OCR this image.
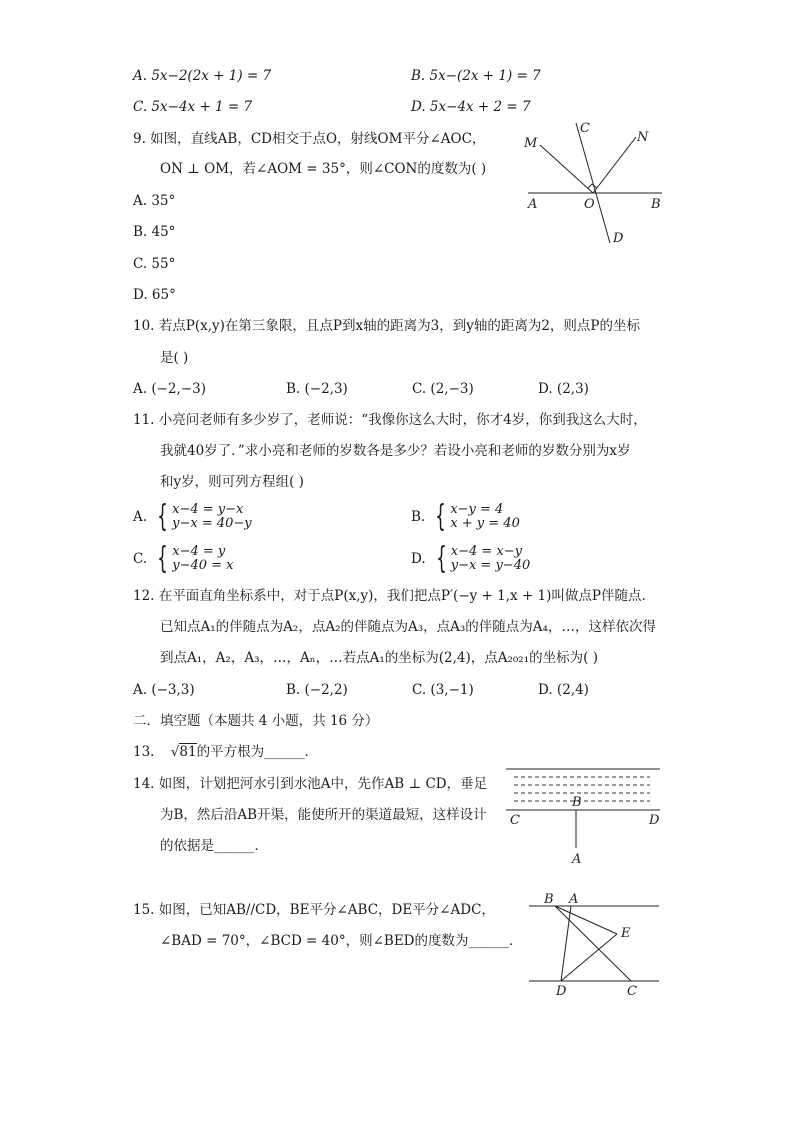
A. 5x−2(2x + 1) = 7	B. 5x−(2x + 1) = 7
C. 5x−4x + 1 = 7	D. 5x−4x + 2 = 7
9. 如图，直线AB，CD相交于点O，射线OM平分∠AOC，
ON ⊥ OM，若∠AOM = 35°，则∠CON的度数为( )
A. 35°
B. 45°
C. 55°
D. 65°
M
C
N
A	O	B
D
10. 若点P(x,y)在第三象限，且点P到x轴的距离为3，到y轴的距离为2，则点P的坐标
是( )
A. (−2,−3)	B. (−2,3)	C. (2,−3)	D. (2,3)
11. 小亮问老师有多少岁了，老师说：“我像你这么大时，你才4岁，你到我这么大时，
我就40岁了．”求小亮和老师的岁数各是多少？若设小亮和老师的岁数分别为x岁
和y岁，则可列方程组( )
A. { x−4 = y−x
y−x = 40−y	B. { x−y = 4
x + y = 40
C. { x−4 = y
y−40 = x	D. { x−4 = x−y
y−x = y−40
12. 在平面直角坐标系中，对于点P(x,y)，我们把点P′(−y + 1,x + 1)叫做点P伴随点.
已知点A₁的伴随点为A₂，点A₂的伴随点为A₃，点A₃的伴随点为A₄，…，这样依次得
到点A₁，A₂，A₃，…，Aₙ，…若点A₁的坐标为(2,4)，点A₂₀₂₁的坐标为( )
A. (−3,3)	B. (−2,2)	C. (3,−1)	D. (2,4)
二．填空题（本题共 4 小题，共 16 分）
13. √81的平方根为______．
14. 如图，计划把河水引到水池A中，先作AB ⊥ CD，垂足
为B，然后沿AB开渠，能使所开的渠道最短，这样设计
的依据是______．
B
C	D
A
15. 如图，已知AB//CD，BE平分∠ABC，DE平分∠ADC，
∠BAD = 70°，∠BCD = 40°，则∠BED的度数为______．
B A
E
D	C
